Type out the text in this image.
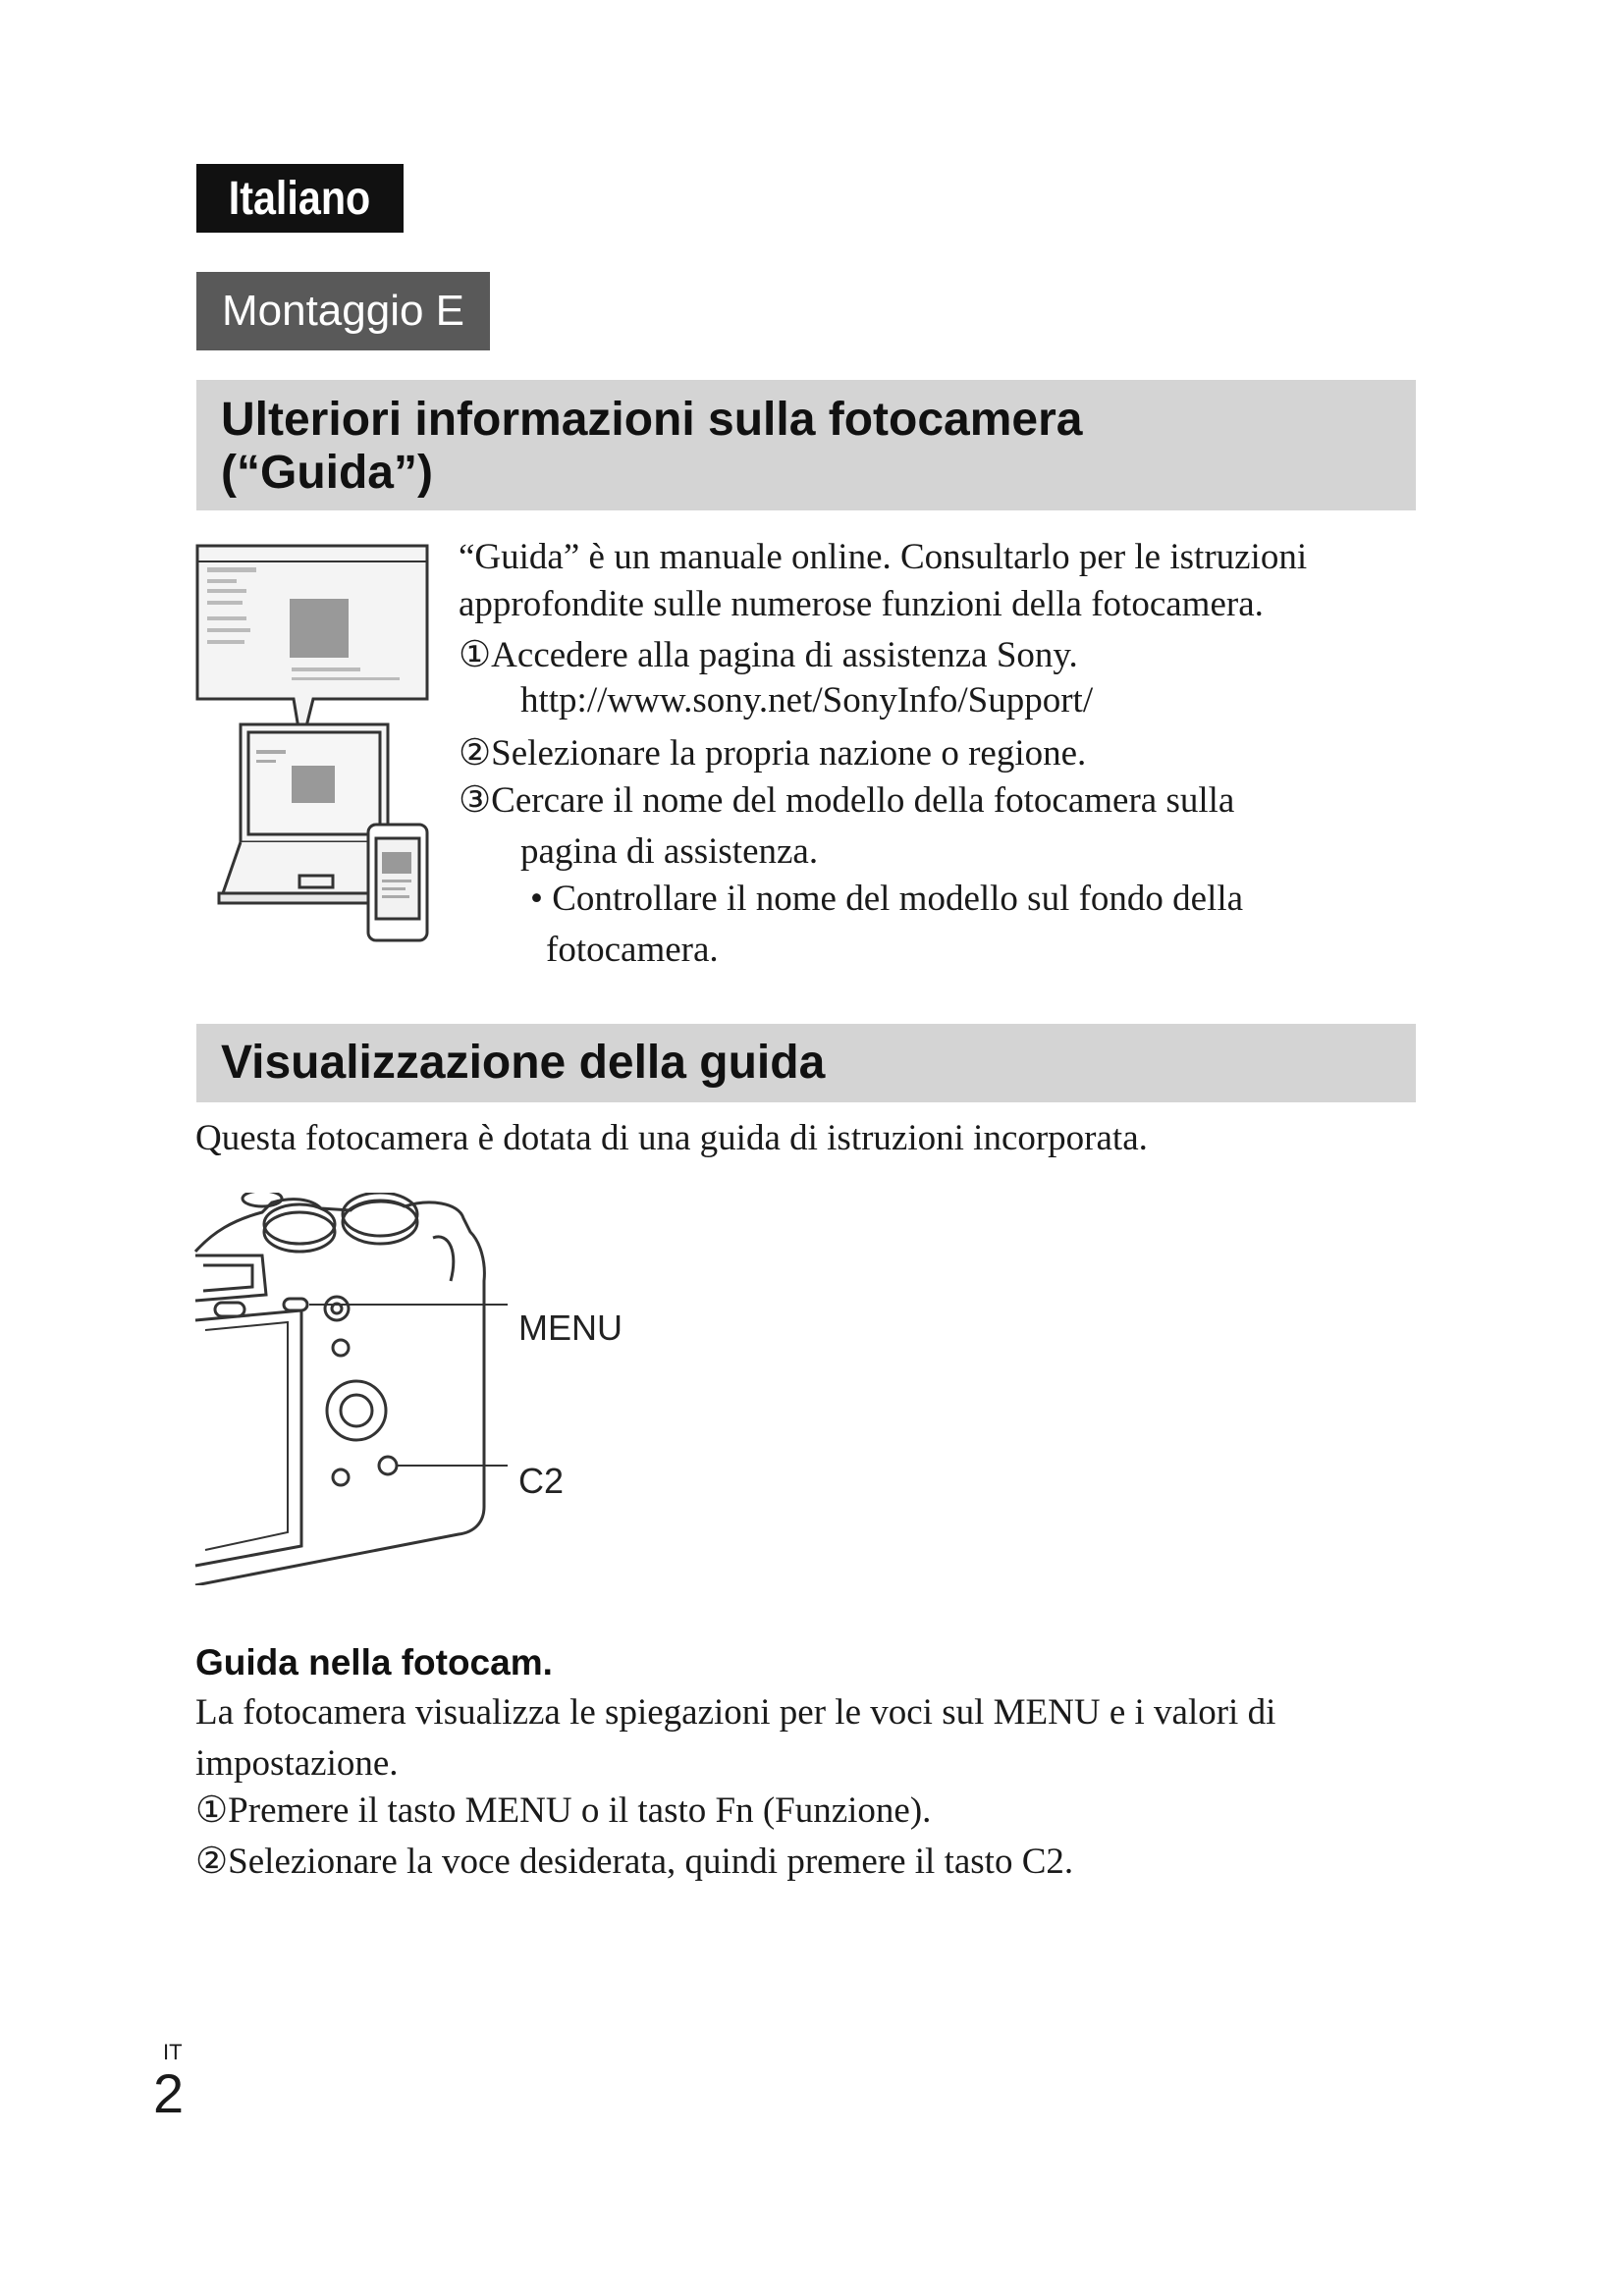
Italiano
Montaggio E
Ulteriori informazioni sulla fotocamera
(“Guida”)
“Guida” è un manuale online. Consultarlo per le istruzioni
approfondite sulle numerose funzioni della fotocamera.
①Accedere alla pagina di assistenza Sony.
http://www.sony.net/SonyInfo/Support/
②Selezionare la propria nazione o regione.
③Cercare il nome del modello della fotocamera sulla
pagina di assistenza.
• Controllare il nome del modello sul fondo della
fotocamera.
Visualizzazione della guida
Questa fotocamera è dotata di una guida di istruzioni incorporata.
MENU
C2
Guida nella fotocam.
La fotocamera visualizza le spiegazioni per le voci sul MENU e i valori di
impostazione.
①Premere il tasto MENU o il tasto Fn (Funzione).
②Selezionare la voce desiderata, quindi premere il tasto C2.
IT
2
